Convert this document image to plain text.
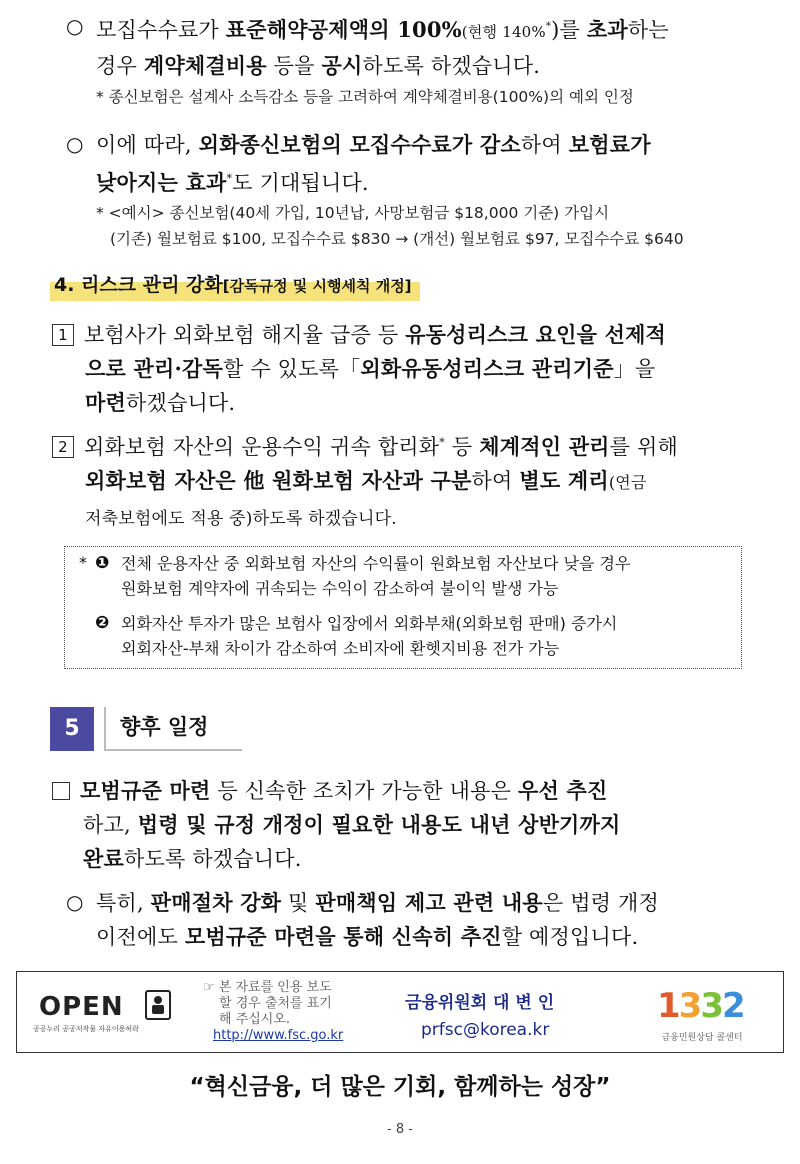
○ 모집수수료가 표준해약공제액의 100%(현행 140%*)를 초과하는
경우 계약체결비용 등을 공시하도록 하겠습니다.
* 종신보험은 설계사 소득감소 등을 고려하여 계약체결비용(100%)의 예외 인정
○ 이에 따라, 외화종신보험의 모집수수료가 감소하여 보험료가
낮아지는 효과*도 기대됩니다.
* <예시> 종신보험(40세 가입, 10년납, 사망보험금 $18,000 기준) 가입시
(기존) 월보험료 $100, 모집수수료 $830 → (개선) 월보험료 $97, 모집수수료 $640
4. 리스크 관리 강화[감독규정 및 시행세칙 개정]
1 보험사가 외화보험 해지율 급증 등 유동성리스크 요인을 선제적
으로 관리·감독할 수 있도록「외화유동성리스크 관리기준」을
마련하겠습니다.
2 외화보험 자산의 운용수익 귀속 합리화* 등 체계적인 관리를 위해
외화보험 자산은 他 원화보험 자산과 구분하여 별도 계리(연금
저축보험에도 적용 중)하도록 하겠습니다.
* ❶ 전체 운용자산 중 외화보험 자산의 수익률이 원화보험 자산보다 낮을 경우
원화보험 계약자에 귀속되는 수익이 감소하여 불이익 발생 가능
❷ 외화자산 투자가 많은 보험사 입장에서 외화부채(외화보험 판매) 증가시
외회자산-부채 차이가 감소하여 소비자에 환헷지비용 전가 가능
5	향후 일정
모범규준 마련 등 신속한 조치가 가능한 내용은 우선 추진
하고, 법령 및 규정 개정이 필요한 내용도 내년 상반기까지
완료하도록 하겠습니다.
○ 특히, 판매절차 강화 및 판매책임 제고 관련 내용은 법령 개정
이전에도 모범규준 마련을 통해 신속히 추진할 예정입니다.
OPEN
공공누리 공공저작물 자유이용허락
☞ 본 자료를 인용 보도
할 경우 출처를 표기
해 주십시오.
http://www.fsc.go.kr
금융위원회 대 변 인
prfsc@korea.kr
1332
금융민원상담 콜센터
“혁신금융, 더 많은 기회, 함께하는 성장”
- 8 -
